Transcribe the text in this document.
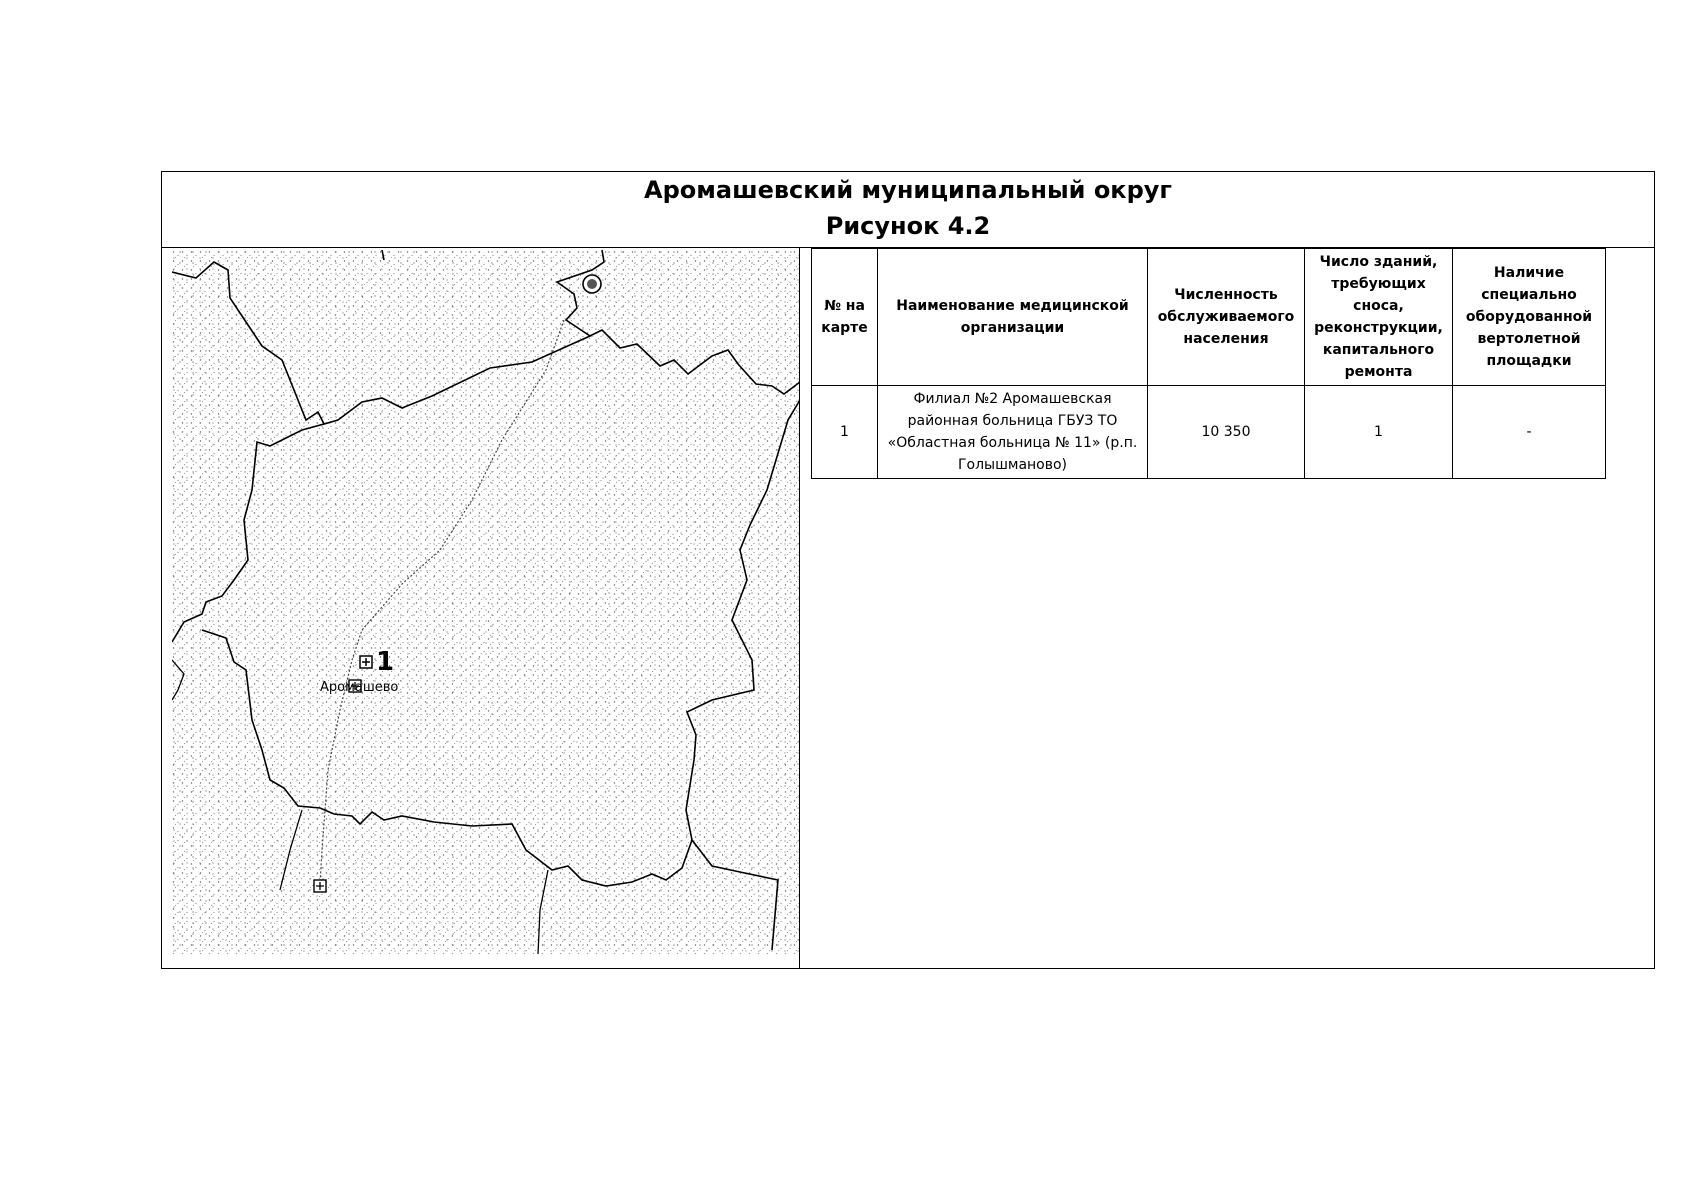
Аромашевский муниципальный округ
Рисунок 4.2
1
Аромашево
№ на карте	Наименование медицинской организации	Численность обслуживаемого населения	Число зданий, требующих сноса, реконструкции, капитального ремонта	Наличие специально оборудованной вертолетной площадки
1	Филиал №2 Аромашевская районная больница ГБУЗ ТО «Областная больница № 11» (р.п. Голышманово)	10 350	1	-
